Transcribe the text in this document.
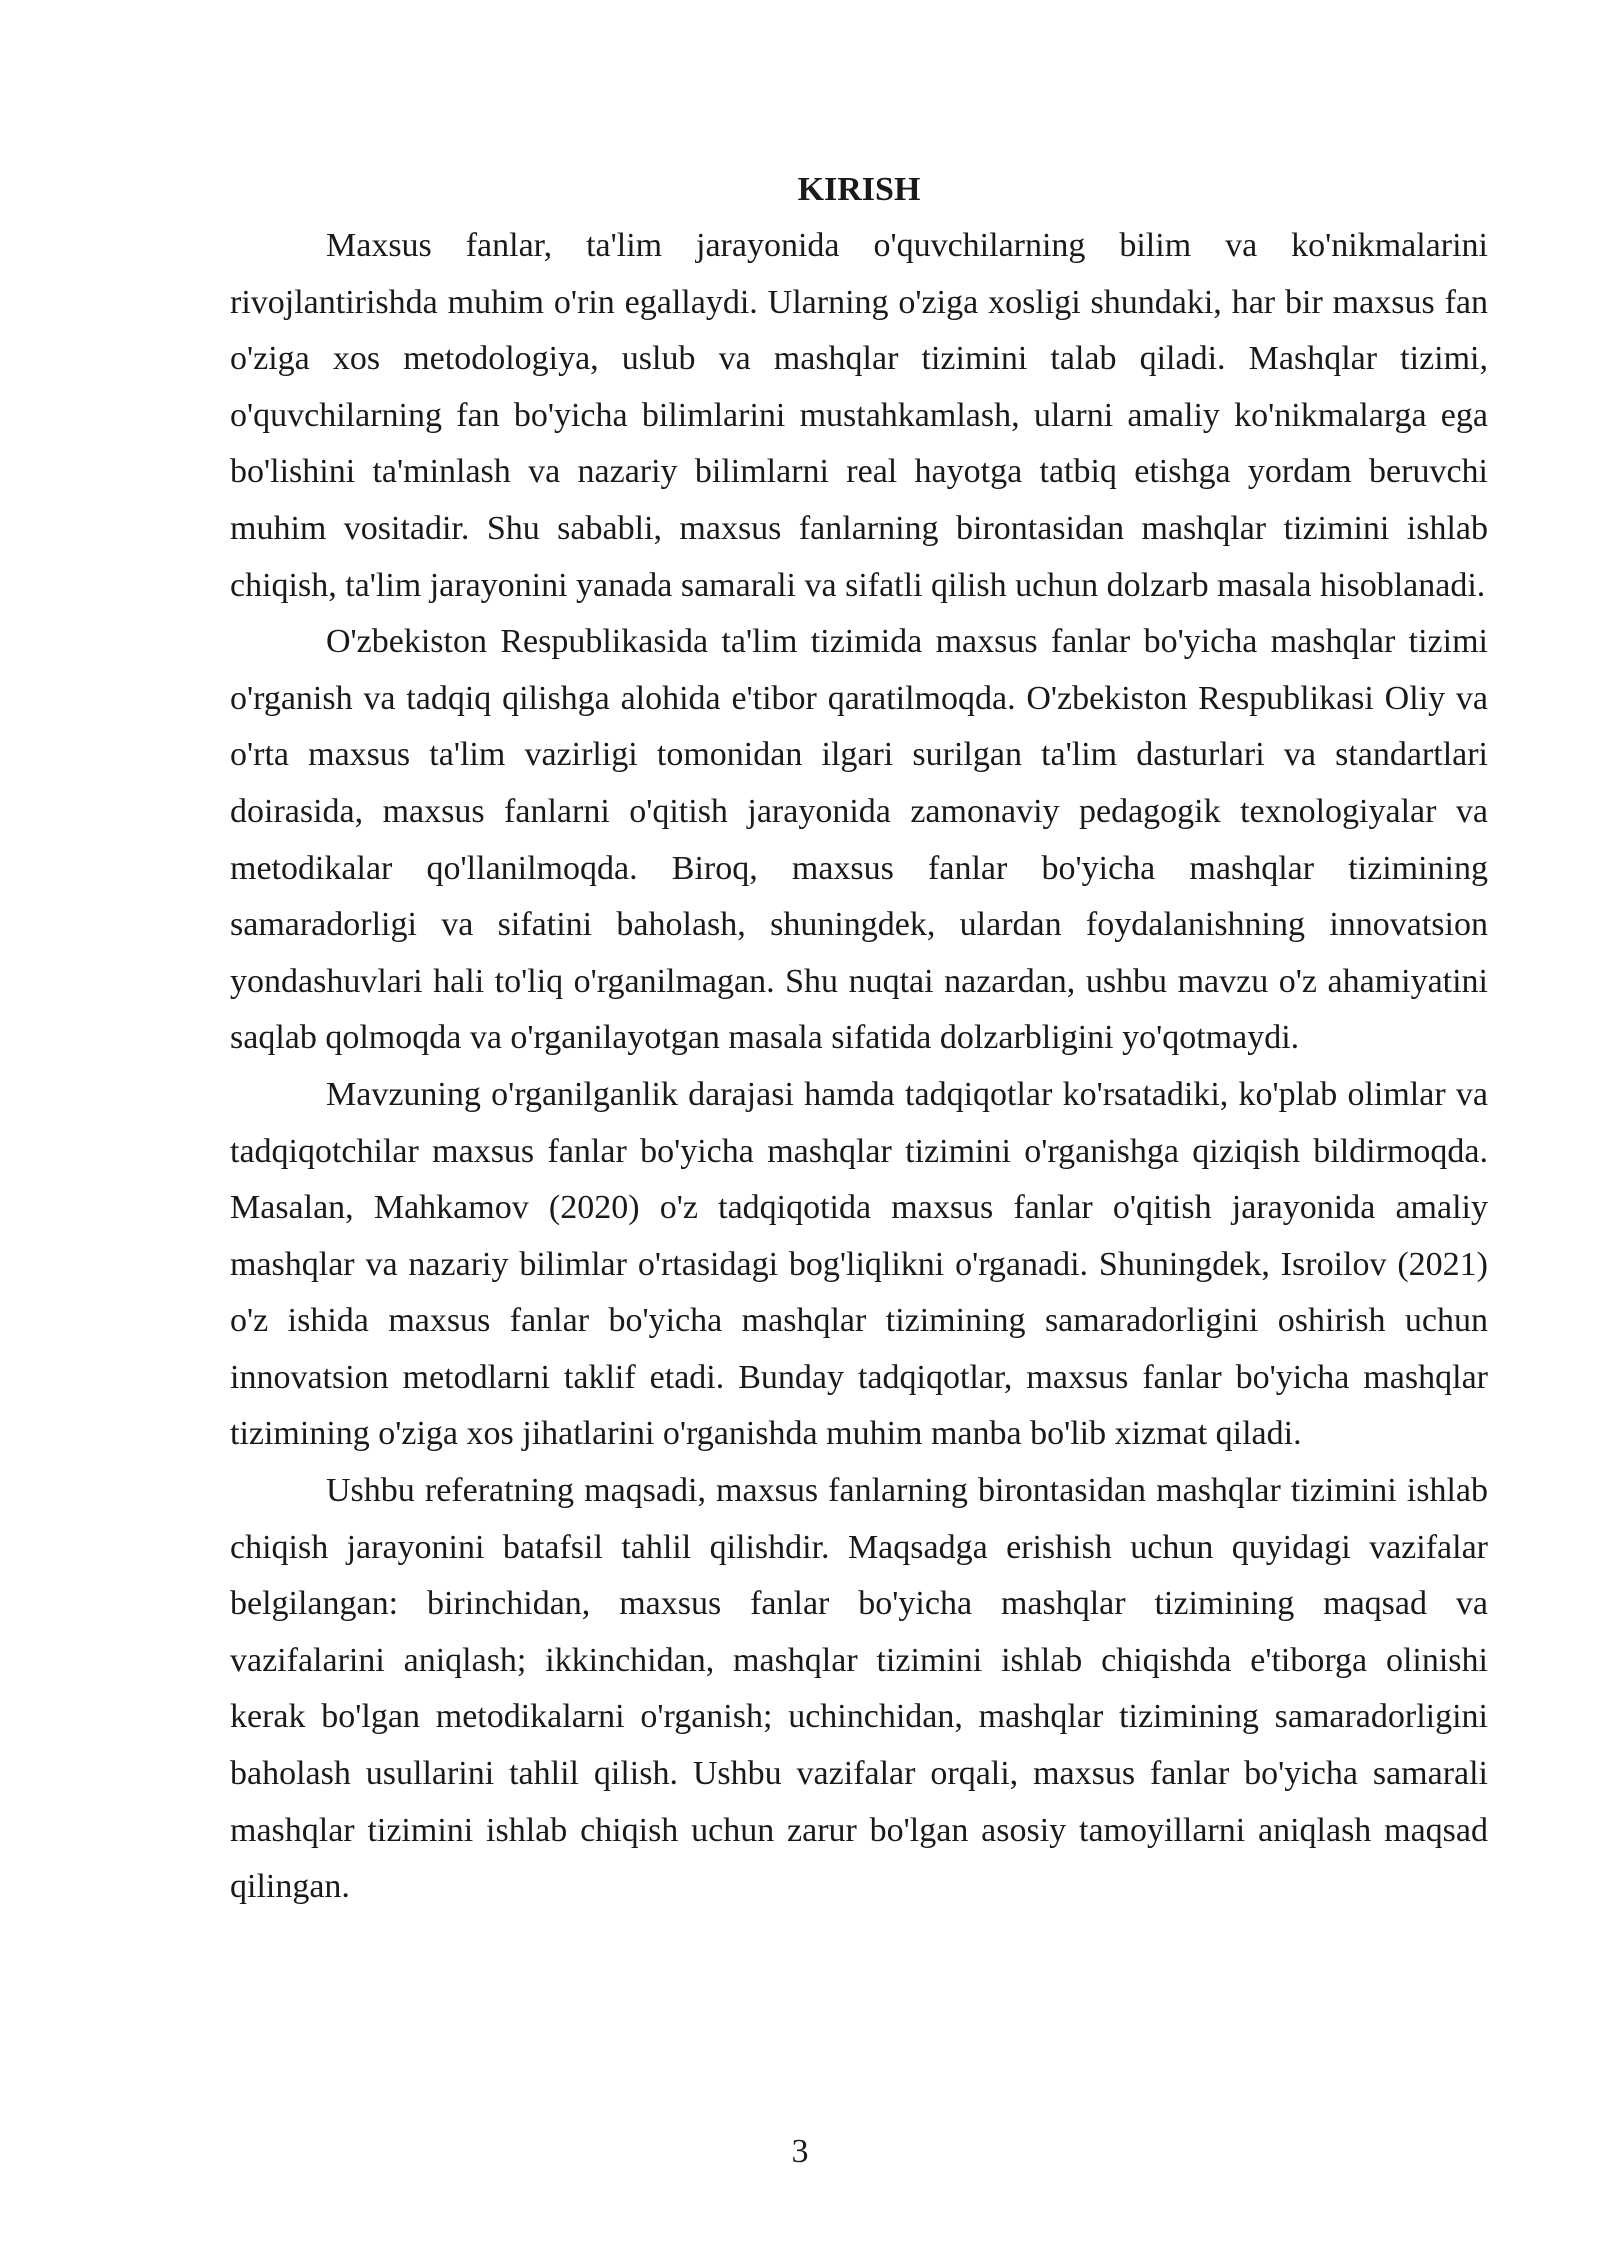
KIRISH

Maxsus fanlar, ta'lim jarayonida o'quvchilarning bilim va ko'nikmalarini rivojlantirishda muhim o'rin egallaydi. Ularning o'ziga xosligi shundaki, har bir maxsus fan o'ziga xos metodologiya, uslub va mashqlar tizimini talab qiladi. Mashqlar tizimi, o'quvchilarning fan bo'yicha bilimlarini mustahkamlash, ularni amaliy ko'nikmalarga ega bo'lishini ta'minlash va nazariy bilimlarni real hayotga tatbiq etishga yordam beruvchi muhim vositadir. Shu sababli, maxsus fanlarning birontasidan mashqlar tizimini ishlab chiqish, ta'lim jarayonini yanada samarali va sifatli qilish uchun dolzarb masala hisoblanadi.

O'zbekiston Respublikasida ta'lim tizimida maxsus fanlar bo'yicha mashqlar tizimi o'rganish va tadqiq qilishga alohida e'tibor qaratilmoqda. O'zbekiston Respublikasi Oliy va o'rta maxsus ta'lim vazirligi tomonidan ilgari surilgan ta'lim dasturlari va standartlari doirasida, maxsus fanlarni o'qitish jarayonida zamonaviy pedagogik texnologiyalar va metodikalar qo'llanilmoqda. Biroq, maxsus fanlar bo'yicha mashqlar tizimining samaradorligi va sifatini baholash, shuningdek, ulardan foydalanishning innovatsion yondashuvlari hali to'liq o'rganilmagan. Shu nuqtai nazardan, ushbu mavzu o'z ahamiyatini saqlab qolmoqda va o'rganilayotgan masala sifatida dolzarbligini yo'qotmaydi.

Mavzuning o'rganilganlik darajasi hamda tadqiqotlar ko'rsatadiki, ko'plab olimlar va tadqiqotchilar maxsus fanlar bo'yicha mashqlar tizimini o'rganishga qiziqish bildirmoqda. Masalan, Mahkamov (2020) o'z tadqiqotida maxsus fanlar o'qitish jarayonida amaliy mashqlar va nazariy bilimlar o'rtasidagi bog'liqlikni o'rganadi. Shuningdek, Isroilov (2021) o'z ishida maxsus fanlar bo'yicha mashqlar tizimining samaradorligini oshirish uchun innovatsion metodlarni taklif etadi. Bunday tadqiqotlar, maxsus fanlar bo'yicha mashqlar tizimining o'ziga xos jihatlarini o'rganishda muhim manba bo'lib xizmat qiladi.

Ushbu referatning maqsadi, maxsus fanlarning birontasidan mashqlar tizimini ishlab chiqish jarayonini batafsil tahlil qilishdir. Maqsadga erishish uchun quyidagi vazifalar belgilangan: birinchidan, maxsus fanlar bo'yicha mashqlar tizimining maqsad va vazifalarini aniqlash; ikkinchidan, mashqlar tizimini ishlab chiqishda e'tiborga olinishi kerak bo'lgan metodikalarni o'rganish; uchinchidan, mashqlar tizimining samaradorligini baholash usullarini tahlil qilish. Ushbu vazifalar orqali, maxsus fanlar bo'yicha samarali mashqlar tizimini ishlab chiqish uchun zarur bo'lgan asosiy tamoyillarni aniqlash maqsad qilingan.

3
